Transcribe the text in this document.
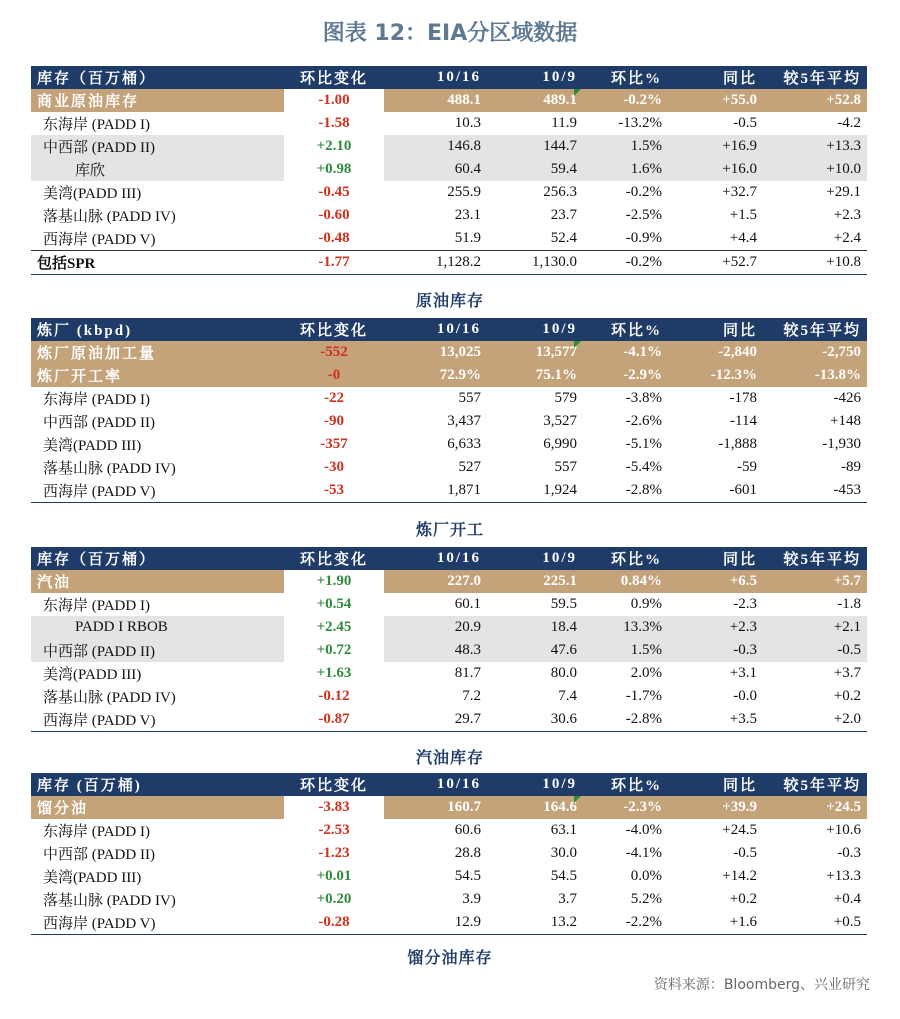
图表 12：EIA分区域数据
库存（百万桶）	环比变化	10/16	10/9	环比%	同比	较5年平均
商业原油库存	-1.00	488.1	489.1	-0.2%	+55.0	+52.8
东海岸 (PADD I)	-1.58	10.3	11.9	-13.2%	-0.5	-4.2
中西部 (PADD II)	+2.10	146.8	144.7	1.5%	+16.9	+13.3
库欣	+0.98	60.4	59.4	1.6%	+16.0	+10.0
美湾(PADD III)	-0.45	255.9	256.3	-0.2%	+32.7	+29.1
落基山脉 (PADD IV)	-0.60	23.1	23.7	-2.5%	+1.5	+2.3
西海岸 (PADD V)	-0.48	51.9	52.4	-0.9%	+4.4	+2.4
包括SPR	-1.77	1,128.2	1,130.0	-0.2%	+52.7	+10.8
原油库存
炼厂 (kbpd)	环比变化	10/16	10/9	环比%	同比	较5年平均
炼厂原油加工量	-552	13,025	13,577	-4.1%	-2,840	-2,750
炼厂开工率	-0	72.9%	75.1%	-2.9%	-12.3%	-13.8%
东海岸 (PADD I)	-22	557	579	-3.8%	-178	-426
中西部 (PADD II)	-90	3,437	3,527	-2.6%	-114	+148
美湾(PADD III)	-357	6,633	6,990	-5.1%	-1,888	-1,930
落基山脉 (PADD IV)	-30	527	557	-5.4%	-59	-89
西海岸 (PADD V)	-53	1,871	1,924	-2.8%	-601	-453
炼厂开工
库存（百万桶）	环比变化	10/16	10/9	环比%	同比	较5年平均
汽油	+1.90	227.0	225.1	0.84%	+6.5	+5.7
东海岸 (PADD I)	+0.54	60.1	59.5	0.9%	-2.3	-1.8
PADD I RBOB	+2.45	20.9	18.4	13.3%	+2.3	+2.1
中西部 (PADD II)	+0.72	48.3	47.6	1.5%	-0.3	-0.5
美湾(PADD III)	+1.63	81.7	80.0	2.0%	+3.1	+3.7
落基山脉 (PADD IV)	-0.12	7.2	7.4	-1.7%	-0.0	+0.2
西海岸 (PADD V)	-0.87	29.7	30.6	-2.8%	+3.5	+2.0
汽油库存
库存 (百万桶)	环比变化	10/16	10/9	环比%	同比	较5年平均
馏分油	-3.83	160.7	164.6	-2.3%	+39.9	+24.5
东海岸 (PADD I)	-2.53	60.6	63.1	-4.0%	+24.5	+10.6
中西部 (PADD II)	-1.23	28.8	30.0	-4.1%	-0.5	-0.3
美湾(PADD III)	+0.01	54.5	54.5	0.0%	+14.2	+13.3
落基山脉 (PADD IV)	+0.20	3.9	3.7	5.2%	+0.2	+0.4
西海岸 (PADD V)	-0.28	12.9	13.2	-2.2%	+1.6	+0.5
馏分油库存
资料来源：Bloomberg、兴业研究
